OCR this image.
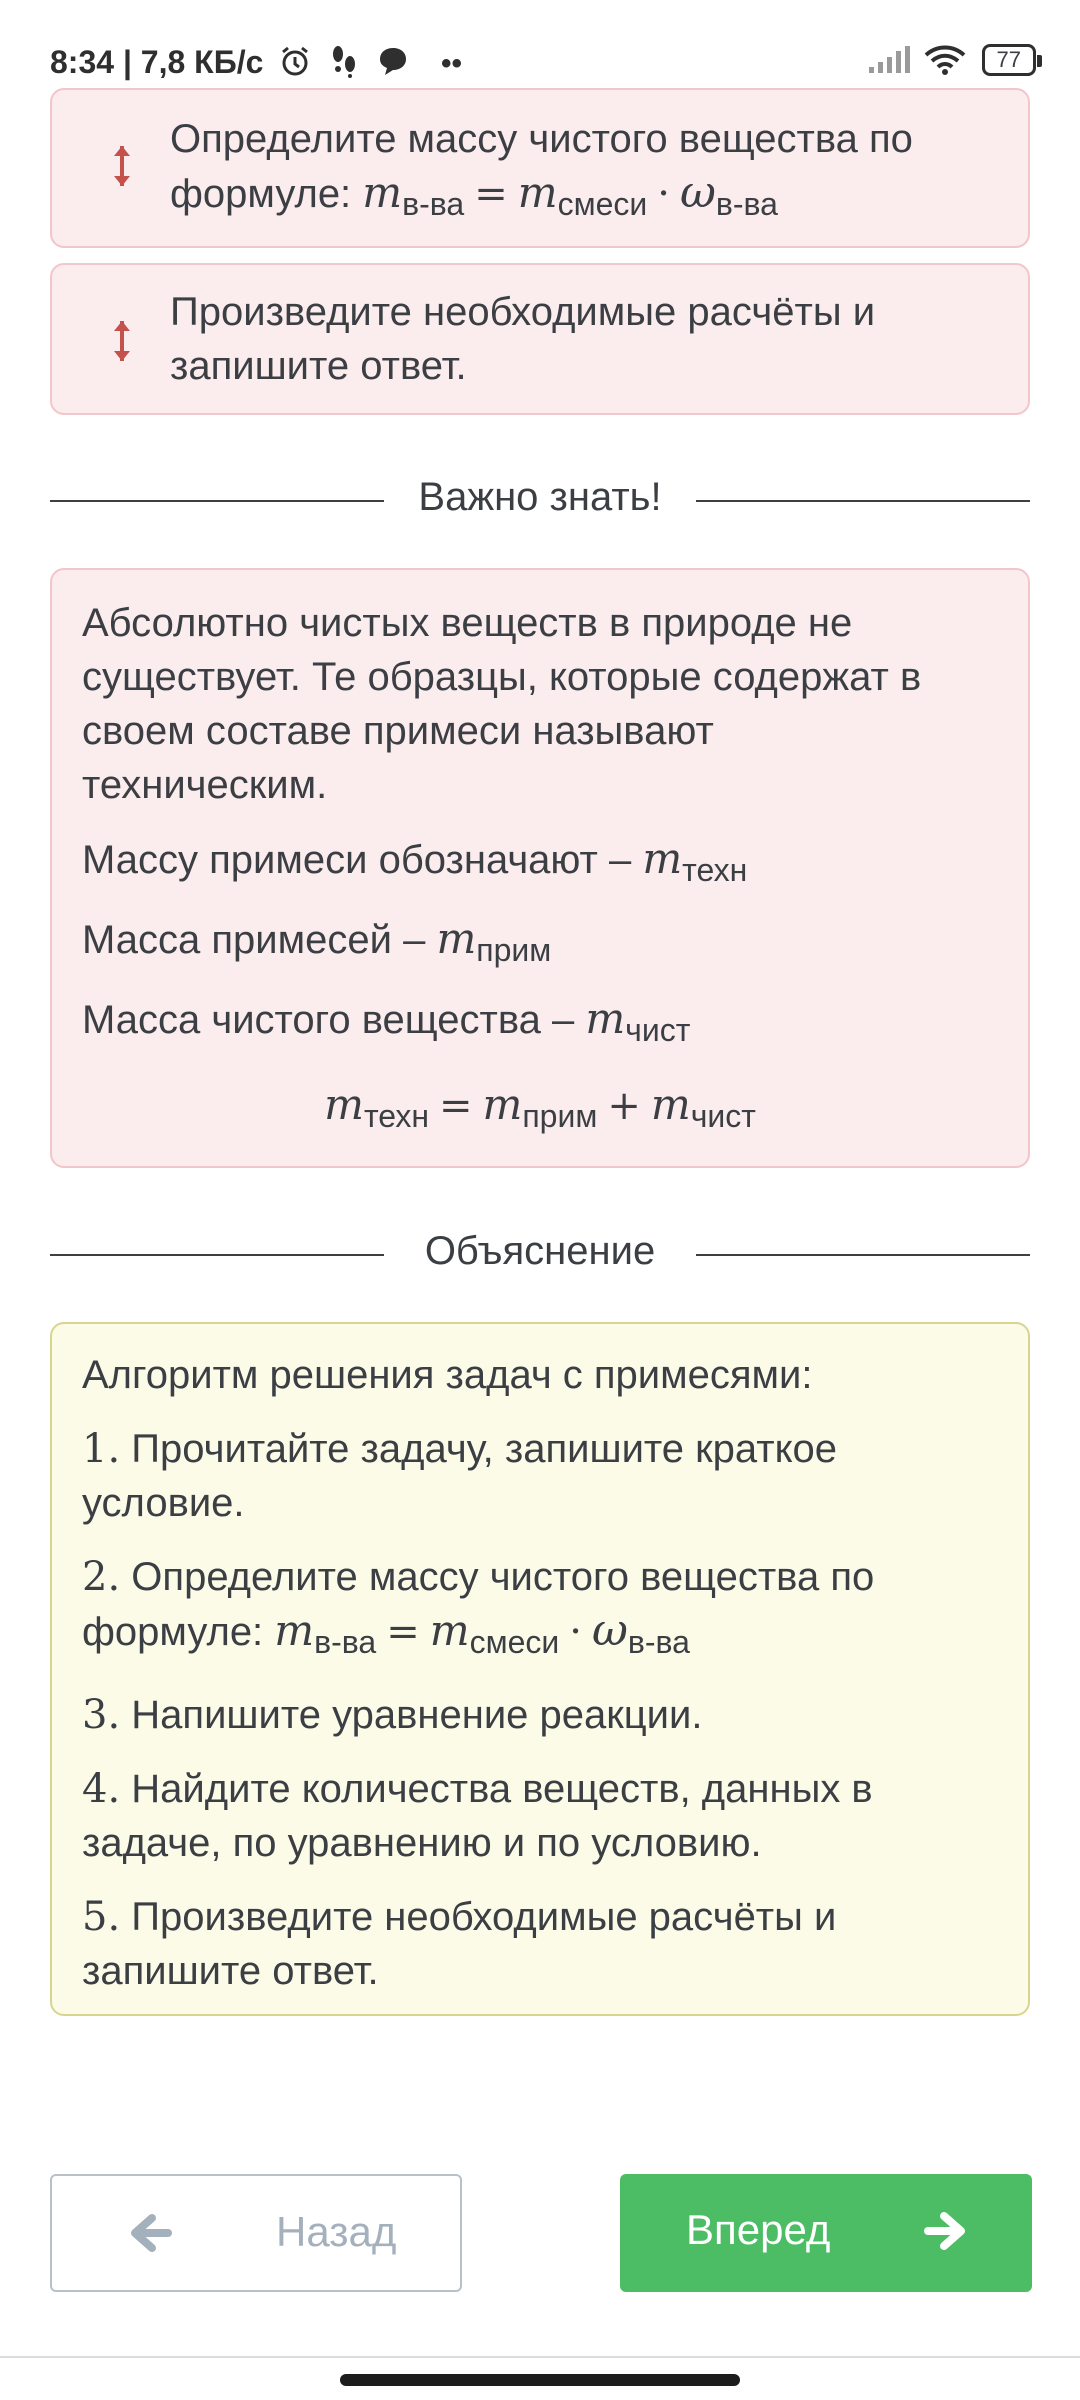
8:34 | 7,8 КБ/с	••	77
Определите массу чистого вещества по
формуле: $m_{в-ва} = m_{смеси} \cdot \omega_{в-ва}$
Произведите необходимые расчёты и
запишите ответ.
Важно знать!
Абсолютно чистых веществ в природе не
существует. Те образцы, которые содержат в
своем составе примеси называют
техническим.
Массу примеси обозначают – $m_{техн}$
Масса примесей – $m_{прим}$
Масса чистого вещества – $m_{чист}$
$m_{техн} = m_{прим} + m_{чист}$
Объяснение
Алгоритм решения задач с примесями:
1. Прочитайте задачу, запишите краткое
условие.
2. Определите массу чистого вещества по
формуле: $m_{в-ва} = m_{смеси} \cdot \omega_{в-ва}$
3. Напишите уравнение реакции.
4. Найдите количества веществ, данных в
задаче, по уравнению и по условию.
5. Произведите необходимые расчёты и
запишите ответ.
Назад	Вперед
